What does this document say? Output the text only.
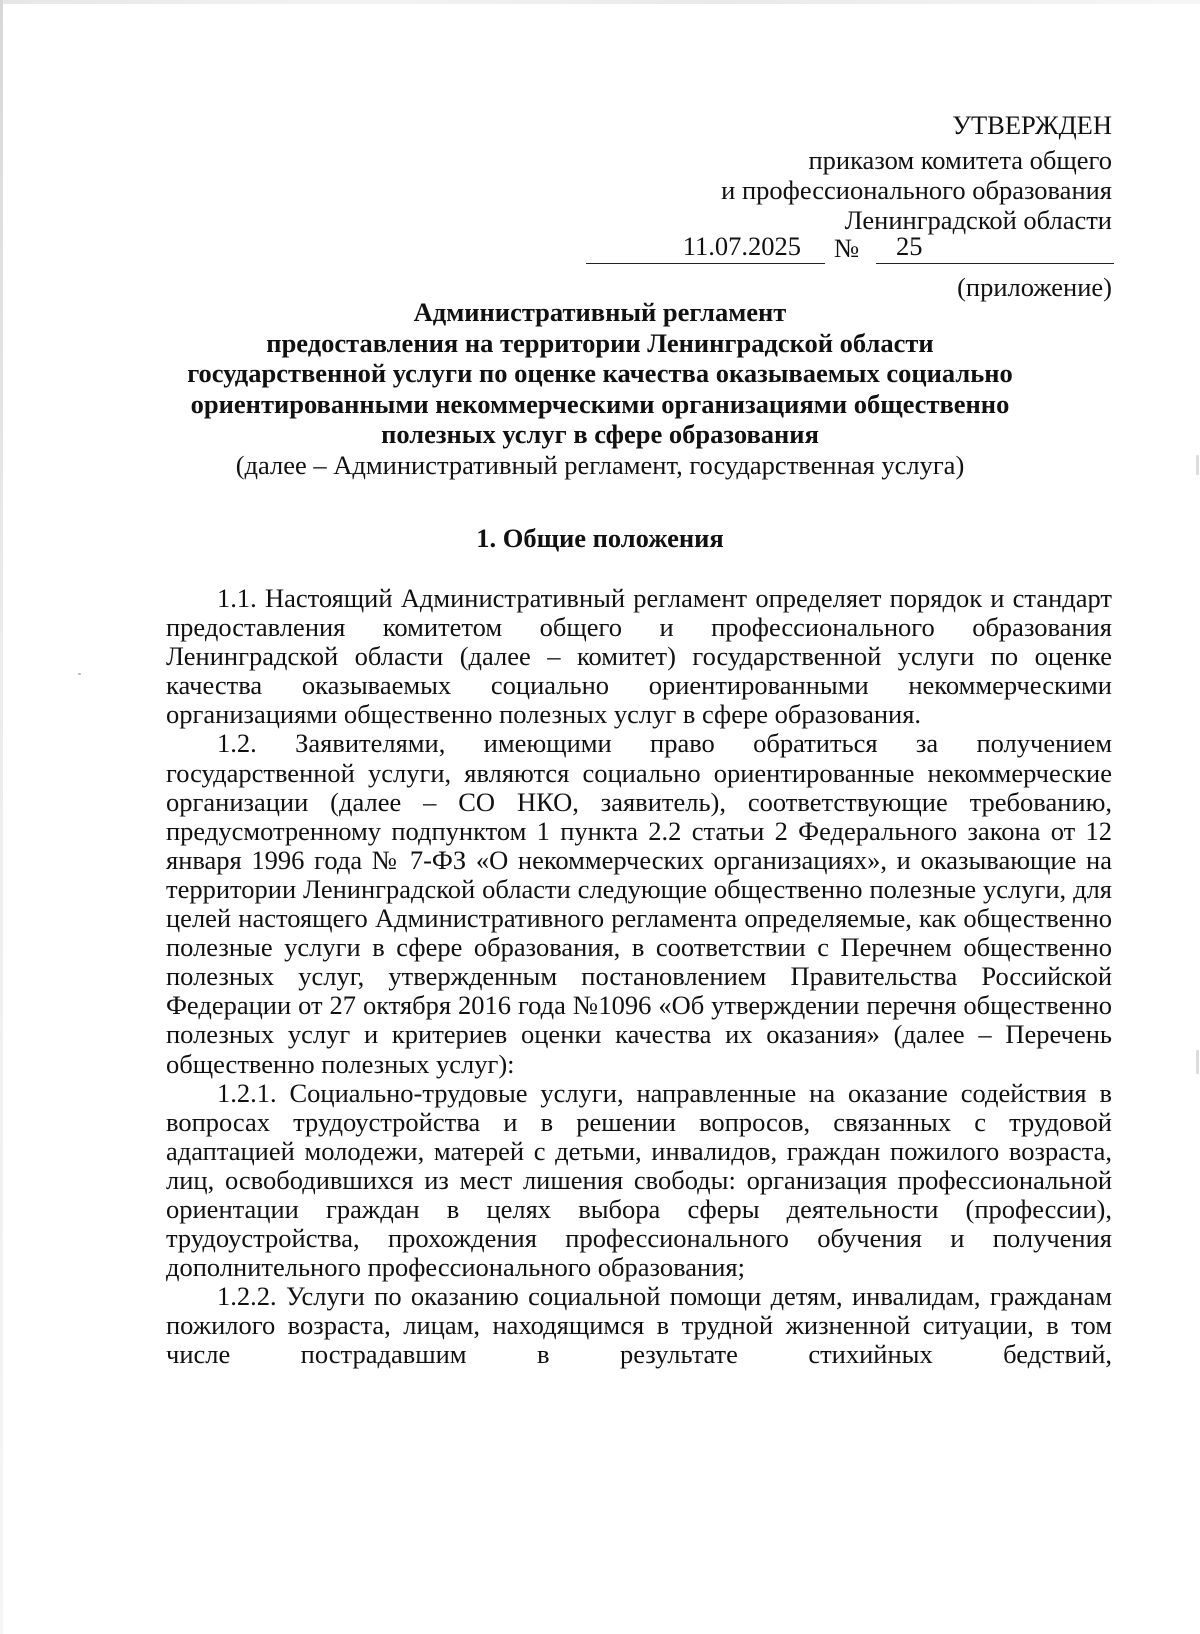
УТВЕРЖДЕН
приказом комитета общего
и профессионального образования
Ленинградской области
11.07.2025	№	25
(приложение)
Административный регламент
предоставления на территории Ленинградской области
государственной услуги по оценке качества оказываемых социально
ориентированными некоммерческими организациями общественно
полезных услуг в сфере образования
(далее – Административный регламент, государственная услуга)
1. Общие положения

1.1. Настоящий Административный регламент определяет порядок и стандарт предоставления комитетом общего и профессионального образования Ленинградской области (далее – комитет) государственной услуги по оценке качества оказываемых социально ориентированными некоммерческими организациями общественно полезных услуг в сфере образования.

1.2. Заявителями, имеющими право обратиться за получением государственной услуги, являются социально ориентированные некоммерческие организации (далее – СО НКО, заявитель), соответствующие требованию, предусмотренному подпунктом 1 пункта 2.2 статьи 2 Федерального закона от 12 января 1996 года № 7-ФЗ «О некоммерческих организациях», и оказывающие на территории Ленинградской области следующие общественно полезные услуги, для целей настоящего Административного регламента определяемые, как общественно полезные услуги в сфере образования, в соответствии с Перечнем общественно полезных услуг, утвержденным постановлением Правительства Российской Федерации от 27 октября 2016 года №1096 «Об утверждении перечня общественно полезных услуг и критериев оценки качества их оказания» (далее – Перечень общественно полезных услуг):

1.2.1. Социально-трудовые услуги, направленные на оказание содействия в вопросах трудоустройства и в решении вопросов, связанных с трудовой адаптацией молодежи, матерей с детьми, инвалидов, граждан пожилого возраста, лиц, освободившихся из мест лишения свободы: организация профессиональной ориентации граждан в целях выбора сферы деятельности (профессии), трудоустройства, прохождения профессионального обучения и получения дополнительного профессионального образования;

1.2.2. Услуги по оказанию социальной помощи детям, инвалидам, гражданам пожилого возраста, лицам, находящимся в трудной жизненной ситуации, в том числе пострадавшим в результате стихийных бедствий,
